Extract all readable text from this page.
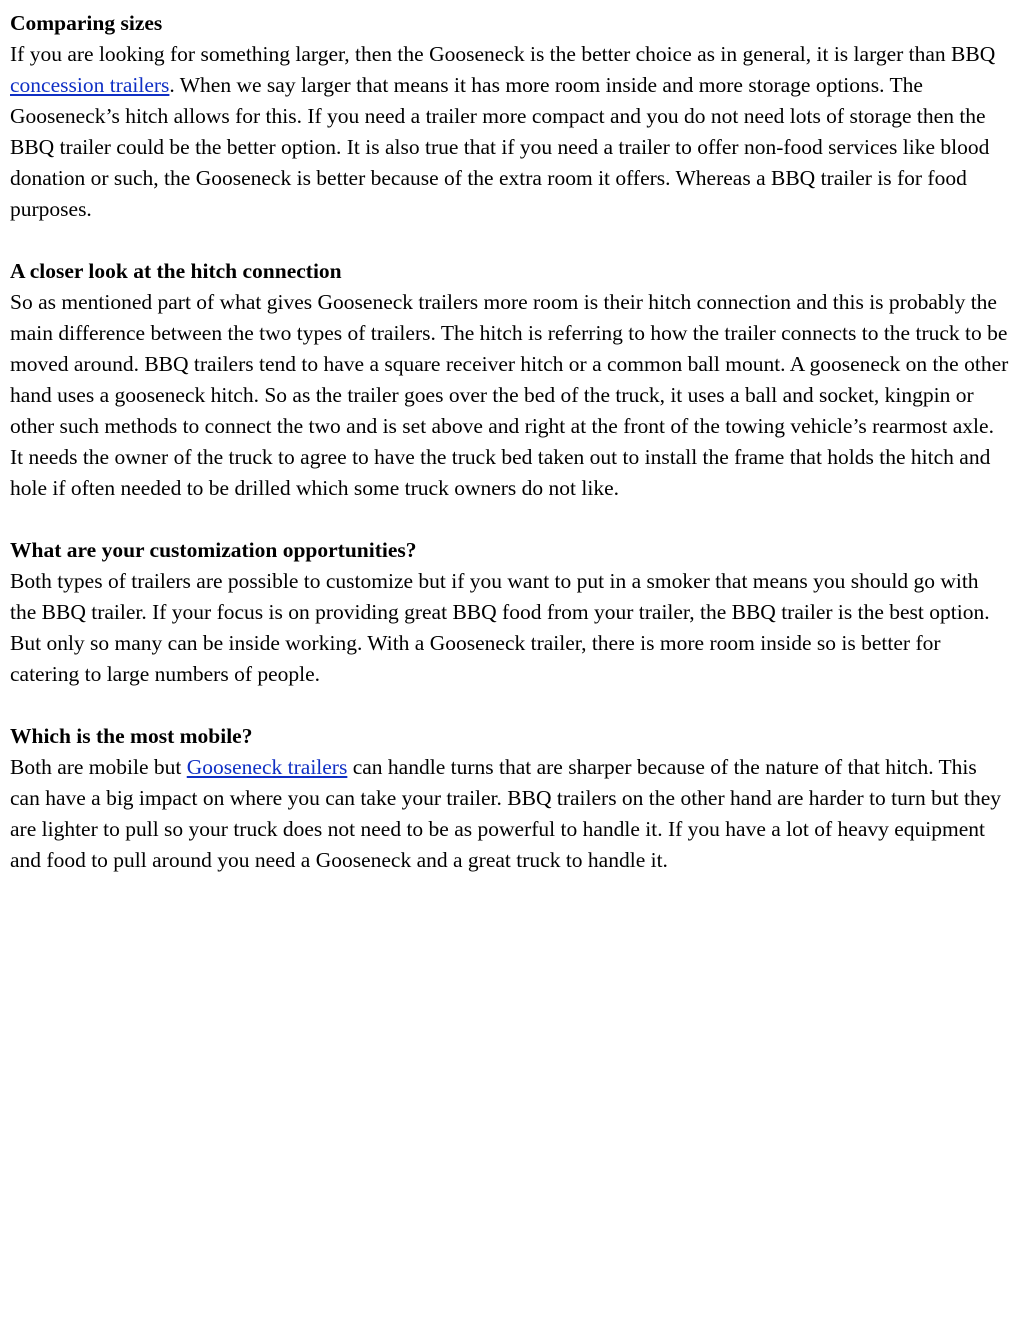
Comparing sizes

If you are looking for something larger, then the Gooseneck is the better choice as in general, it is larger than BBQ concession trailers. When we say larger that means it has more room inside and more storage options. The Gooseneck’s hitch allows for this. If you need a trailer more compact and you do not need lots of storage then the BBQ trailer could be the better option. It is also true that if you need a trailer to offer non-food services like blood donation or such, the Gooseneck is better because of the extra room it offers. Whereas a BBQ trailer is for food purposes.

A closer look at the hitch connection

So as mentioned part of what gives Gooseneck trailers more room is their hitch connection and this is probably the main difference between the two types of trailers. The hitch is referring to how the trailer connects to the truck to be moved around. BBQ trailers tend to have a square receiver hitch or a common ball mount. A gooseneck on the other hand uses a gooseneck hitch. So as the trailer goes over the bed of the truck, it uses a ball and socket, kingpin or other such methods to connect the two and is set above and right at the front of the towing vehicle’s rearmost axle. It needs the owner of the truck to agree to have the truck bed taken out to install the frame that holds the hitch and hole if often needed to be drilled which some truck owners do not like.

What are your customization opportunities?

Both types of trailers are possible to customize but if you want to put in a smoker that means you should go with the BBQ trailer. If your focus is on providing great BBQ food from your trailer, the BBQ trailer is the best option. But only so many can be inside working. With a Gooseneck trailer, there is more room inside so is better for catering to large numbers of people.

Which is the most mobile?

Both are mobile but Gooseneck trailers can handle turns that are sharper because of the nature of that hitch. This can have a big impact on where you can take your trailer. BBQ trailers on the other hand are harder to turn but they are lighter to pull so your truck does not need to be as powerful to handle it. If you have a lot of heavy equipment and food to pull around you need a Gooseneck and a great truck to handle it.
